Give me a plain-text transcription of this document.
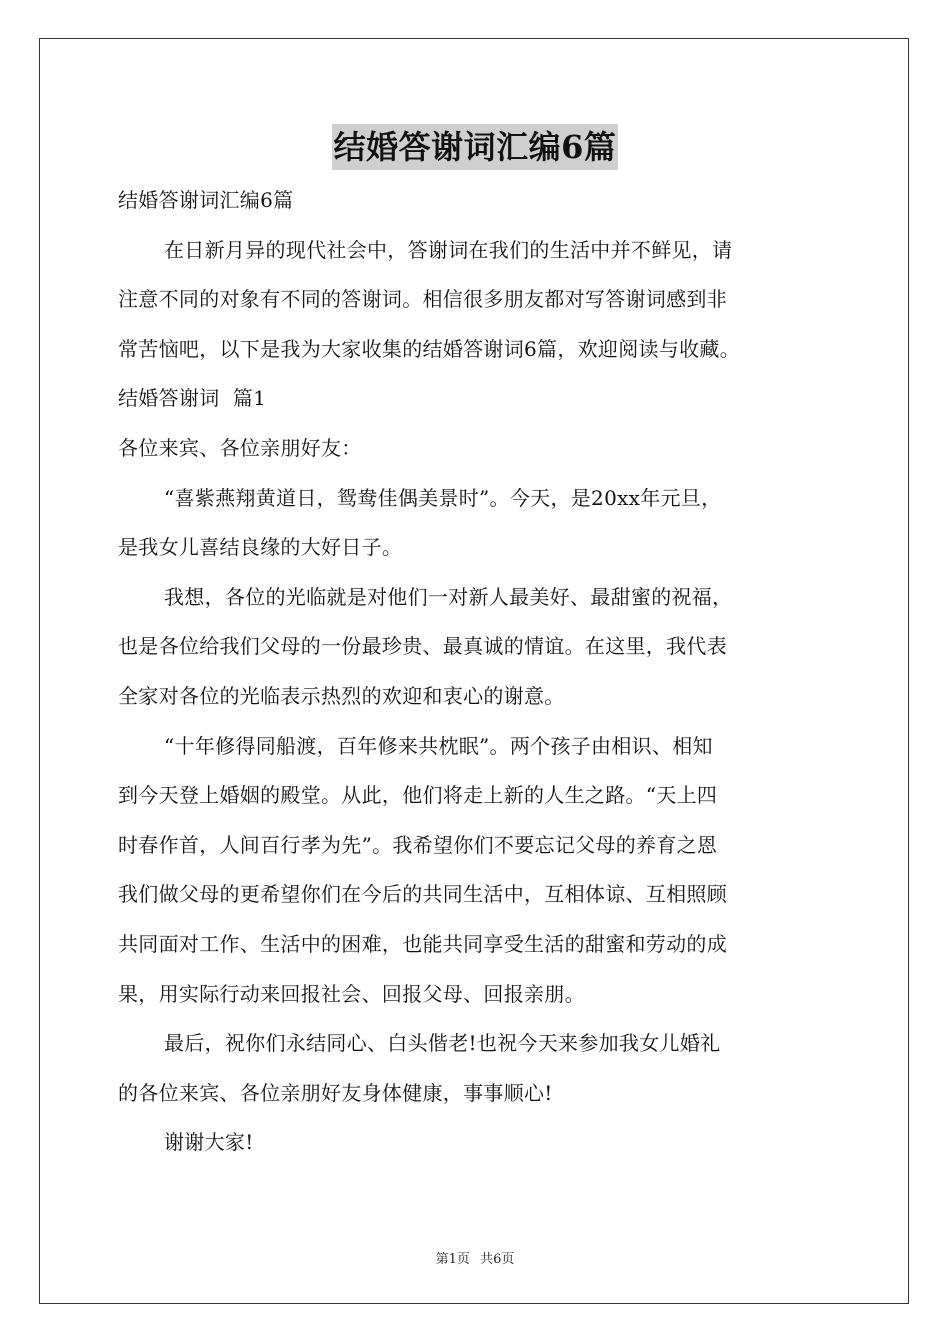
结婚答谢词汇编6篇
结婚答谢词汇编6篇
在日新月异的现代社会中，答谢词在我们的生活中并不鲜见，请
注意不同的对象有不同的答谢词。相信很多朋友都对写答谢词感到非
常苦恼吧，以下是我为大家收集的结婚答谢词6篇，欢迎阅读与收藏。
结婚答谢词  篇1
各位来宾、各位亲朋好友：
“喜紫燕翔黄道日，鸳鸯佳偶美景时”。今天，是20xx年元旦，
是我女儿喜结良缘的大好日子。
我想，各位的光临就是对他们一对新人最美好、最甜蜜的祝福，
也是各位给我们父母的一份最珍贵、最真诚的情谊。在这里，我代表
全家对各位的光临表示热烈的欢迎和衷心的谢意。
“十年修得同船渡，百年修来共枕眠”。两个孩子由相识、相知
到今天登上婚姻的殿堂。从此，他们将走上新的人生之路。“天上四
时春作首，人间百行孝为先”。我希望你们不要忘记父母的养育之恩
我们做父母的更希望你们在今后的共同生活中，互相体谅、互相照顾
共同面对工作、生活中的困难，也能共同享受生活的甜蜜和劳动的成
果，用实际行动来回报社会、回报父母、回报亲朋。
最后，祝你们永结同心、白头偕老!也祝今天来参加我女儿婚礼
的各位来宾、各位亲朋好友身体健康，事事顺心!
谢谢大家!
第1页 共6页
